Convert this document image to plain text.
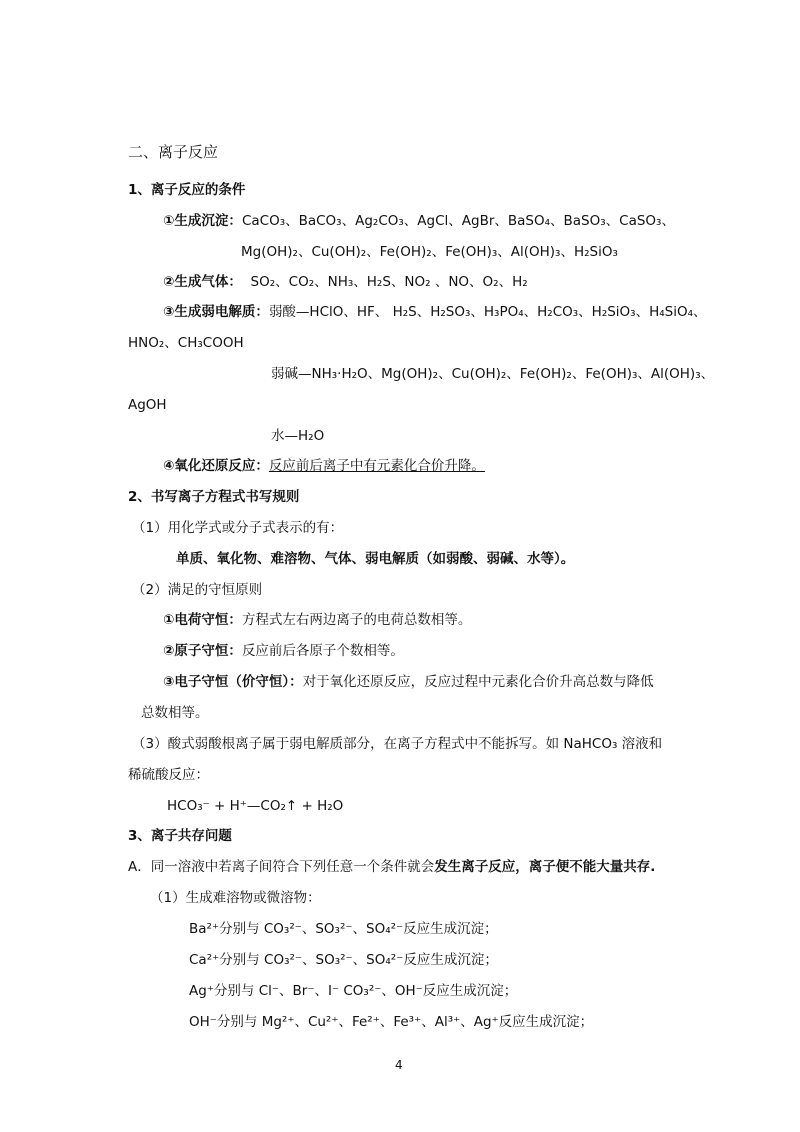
二、离子反应
1、离子反应的条件
①生成沉淀：CaCO₃、BaCO₃、Ag₂CO₃、AgCl、AgBr、BaSO₄、BaSO₃、CaSO₃、
Mg(OH)₂、Cu(OH)₂、Fe(OH)₂、Fe(OH)₃、Al(OH)₃、H₂SiO₃
②生成气体： SO₂、CO₂、NH₃、H₂S、NO₂ 、NO、O₂、H₂
③生成弱电解质：弱酸—HClO、HF、 H₂S、H₂SO₃、H₃PO₄、H₂CO₃、H₂SiO₃、H₄SiO₄、
HNO₂、CH₃COOH
弱碱—NH₃·H₂O、Mg(OH)₂、Cu(OH)₂、Fe(OH)₂、Fe(OH)₃、Al(OH)₃、
AgOH
水—H₂O
④氧化还原反应：反应前后离子中有元素化合价升降。
2、书写离子方程式书写规则
（1）用化学式或分子式表示的有：
单质、氧化物、难溶物、气体、弱电解质（如弱酸、弱碱、水等）。
（2）满足的守恒原则
①电荷守恒：方程式左右两边离子的电荷总数相等。
②原子守恒：反应前后各原子个数相等。
③电子守恒（价守恒）：对于氧化还原反应，反应过程中元素化合价升高总数与降低
总数相等。
（3）酸式弱酸根离子属于弱电解质部分，在离子方程式中不能拆写。如 NaHCO₃ 溶液和
稀硫酸反应：
HCO₃⁻ + H⁺—CO₂↑ + H₂O
3、离子共存问题
A．同一溶液中若离子间符合下列任意一个条件就会发生离子反应，离子便不能大量共存.
（1）生成难溶物或微溶物：
Ba²⁺分别与 CO₃²⁻、SO₃²⁻、SO₄²⁻反应生成沉淀；
Ca²⁺分别与 CO₃²⁻、SO₃²⁻、SO₄²⁻反应生成沉淀；
Ag⁺分别与 Cl⁻、Br⁻、I⁻ CO₃²⁻、OH⁻反应生成沉淀；
OH⁻分别与 Mg²⁺、Cu²⁺、Fe²⁺、Fe³⁺、Al³⁺、Ag⁺反应生成沉淀；
4
